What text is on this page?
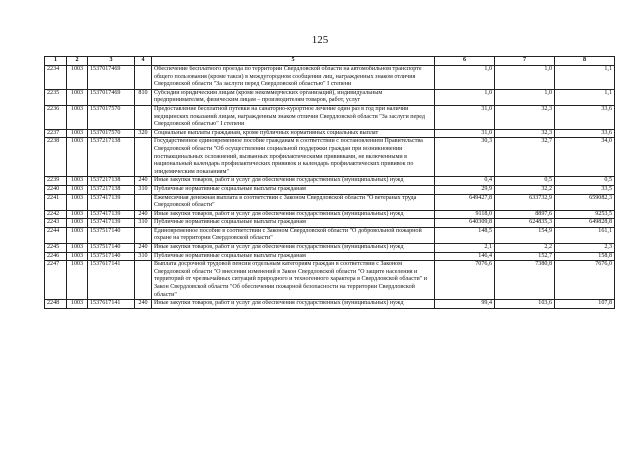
125
1	2	3	4	5	6	7	8
2234	1003	1537017469		Обеспечение бесплатного проезда по территории Свердловской области на автомобильном транспорте общего пользования (кроме такси) в междугородном сообщении лиц, награжденных знаком отличия Свердловской области "За заслуги перед Свердловской областью" I степени	1,0	1,0	1,1
2235	1003	1537017469	810	Субсидии юридическим лицам (кроме некоммерческих организаций), индивидуальным предпринимателям, физическим лицам – производителям товаров, работ, услуг	1,0	1,0	1,1
2236	1003	1537017570		Предоставление бесплатной путевки на санаторно-курортное лечение один раз в год при наличии медицинских показаний лицам, награжденным знаком отличия Свердловской области "За заслуги перед Свердловской областью" I степени	31,0	32,3	33,6
2237	1003	1537017570	320	Социальные выплаты гражданам, кроме публичных нормативных социальных выплат	31,0	32,3	33,6
2238	1003	1537217138		Государственное единовременное пособие гражданам в соответствии с постановлением Правительства Свердловской области "Об осуществлении социальной поддержки граждан при возникновении поствакцинальных осложнений, вызванных профилактическими прививками, не включенными в национальный календарь профилактических прививок и календарь профилактических прививок по эпидемическим показаниям"	30,3	32,7	34,0
2239	1003	1537217138	240	Иные закупки товаров, работ и услуг для обеспечения государственных (муниципальных) нужд	0,4	0,5	0,5
2240	1003	1537217138	310	Публичные нормативные социальные выплаты гражданам	29,9	32,2	33,5
2241	1003	1537417139		Ежемесячная денежная выплата в соответствии с Законом Свердловской области "О ветеранах труда Свердловской области"	649427,8	633732,9	659082,3
2242	1003	1537417139	240	Иные закупки товаров, работ и услуг для обеспечения государственных (муниципальных) нужд	9118,0	8897,6	9253,5
2243	1003	1537417139	310	Публичные нормативные социальные выплаты гражданам	640309,8	624835,3	649828,8
2244	1003	1537517140		Единовременное пособие в соответствии с Законом Свердловской области "О добровольной пожарной охране на территории Свердловской области"	148,5	154,9	161,1
2245	1003	1537517140	240	Иные закупки товаров, работ и услуг для обеспечения государственных (муниципальных) нужд	2,1	2,2	2,3
2246	1003	1537517140	310	Публичные нормативные социальные выплаты гражданам	146,4	152,7	158,8
2247	1003	1537617141		Выплата досрочной трудовой пенсии отдельным категориям граждан в соответствии с Законом Свердловской области "О внесении изменений в Закон Свердловской области "О защите населения и территорий от чрезвычайных ситуаций природного и техногенного характера в Свердловской области" и Закон Свердловской области "Об обеспечении пожарной безопасности на территории Свердловской области"	7076,6	7380,8	7676,0
2248	1003	1537617141	240	Иные закупки товаров, работ и услуг для обеспечения государственных (муниципальных) нужд	99,4	103,6	107,8
